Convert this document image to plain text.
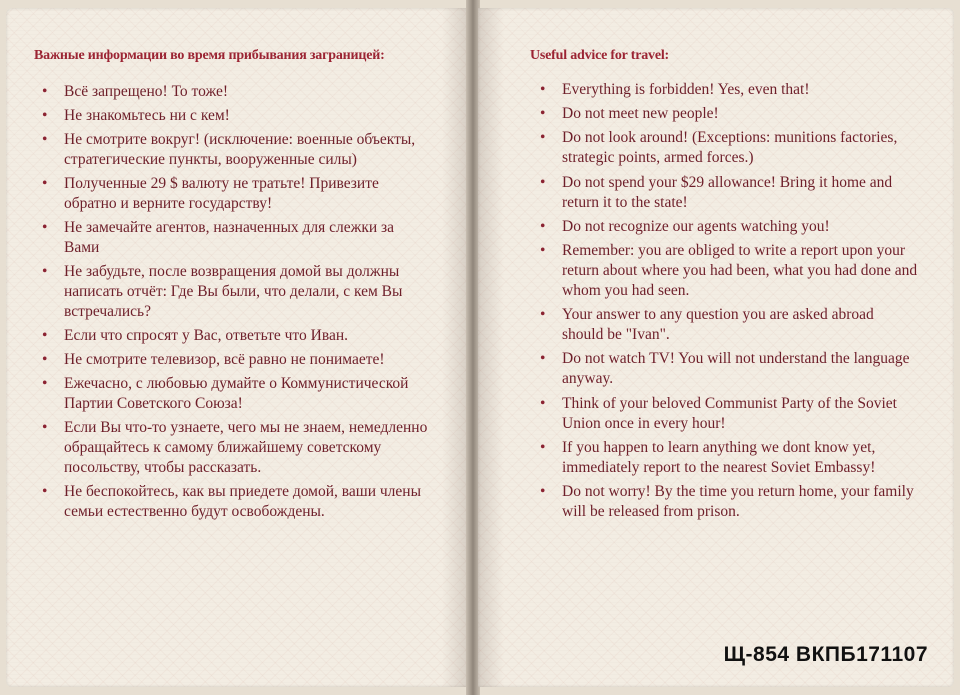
Важные информации во время прибывания заграницей:
• Всё запрещено! То тоже!
• Не знакомьтесь ни с кем!
• Не смотрите вокруг! (исключение: военные объекты, стратегические пункты, вооруженные силы)
• Полученные 29 $ валюту не тратьте! Привезите обратно и верните государству!
• Не замечайте агентов, назначенных для слежки за Вами
• Не забудьте, после возвращения домой вы должны написать отчёт: Где Вы были, что делали, с кем Вы встречались?
• Если что спросят у Вас, ответьте что Иван.
• Не смотрите телевизор, всё равно не понимаете!
• Ежечасно, с любовью думайте о Коммунистической Партии Советского Союза!
• Если Вы что-то узнаете, чего мы не знаем, немедленно обращайтесь к самому ближайшему советскому посольству, чтобы рассказать.
• Не беспокойтесь, как вы приедете домой, ваши члены семьи естественно будут освобождены.
Useful advice for travel:
• Everything is forbidden! Yes, even that!
• Do not meet new people!
• Do not look around! (Exceptions: munitions factories, strategic points, armed forces.)
• Do not spend your $29 allowance! Bring it home and return it to the state!
• Do not recognize our agents watching you!
• Remember: you are obliged to write a report upon your return about where you had been, what you had done and whom you had seen.
• Your answer to any question you are asked abroad should be "Ivan".
• Do not watch TV! You will not understand the language anyway.
• Think of your beloved Communist Party of the Soviet Union once in every hour!
• If you happen to learn anything we dont know yet, immediately report to the nearest Soviet Embassy!
• Do not worry! By the time you return home, your family will be released from prison.
Щ-854 ВКПБ171107
